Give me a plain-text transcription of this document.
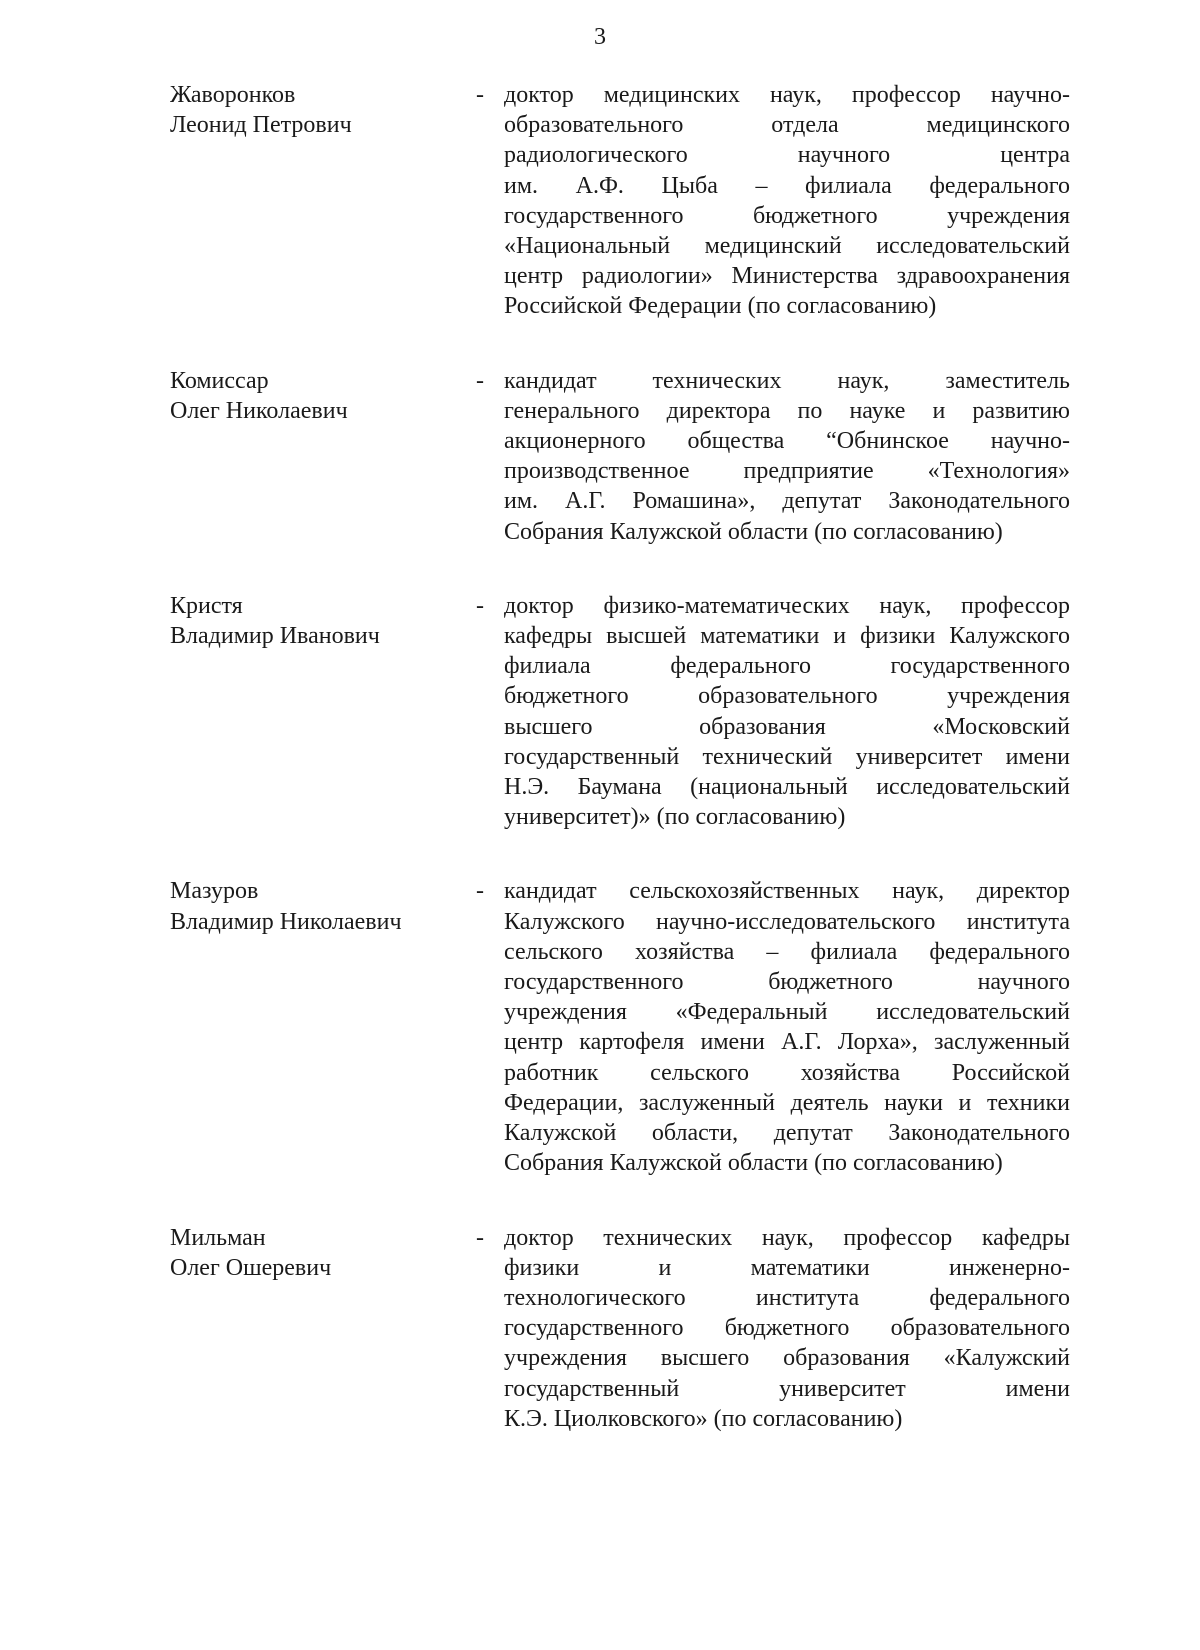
3
Жаворонков
Леонид Петрович
- доктор медицинских наук, профессор научно-
образовательного отдела медицинского
радиологического научного центра
им. А.Ф. Цыба – филиала федерального
государственного бюджетного учреждения
«Национальный медицинский исследовательский
центр радиологии» Министерства здравоохранения
Российской Федерации (по согласованию)
Комиссар
Олег Николаевич
- кандидат технических наук, заместитель
генерального директора по науке и развитию
акционерного общества “Обнинское научно-
производственное предприятие «Технология»
им. А.Г. Ромашина», депутат Законодательного
Собрания Калужской области (по согласованию)
Кристя
Владимир Иванович
- доктор физико-математических наук, профессор
кафедры высшей математики и физики Калужского
филиала федерального государственного
бюджетного образовательного учреждения
высшего образования «Московский
государственный технический университет имени
Н.Э. Баумана (национальный исследовательский
университет)» (по согласованию)
Мазуров
Владимир Николаевич
- кандидат сельскохозяйственных наук, директор
Калужского научно-исследовательского института
сельского хозяйства – филиала федерального
государственного бюджетного научного
учреждения «Федеральный исследовательский
центр картофеля имени А.Г. Лорха», заслуженный
работник сельского хозяйства Российской
Федерации, заслуженный деятель науки и техники
Калужской области, депутат Законодательного
Собрания Калужской области (по согласованию)
Мильман
Олег Ошеревич
- доктор технических наук, профессор кафедры
физики и математики инженерно-
технологического института федерального
государственного бюджетного образовательного
учреждения высшего образования «Калужский
государственный университет имени
К.Э. Циолковского» (по согласованию)
